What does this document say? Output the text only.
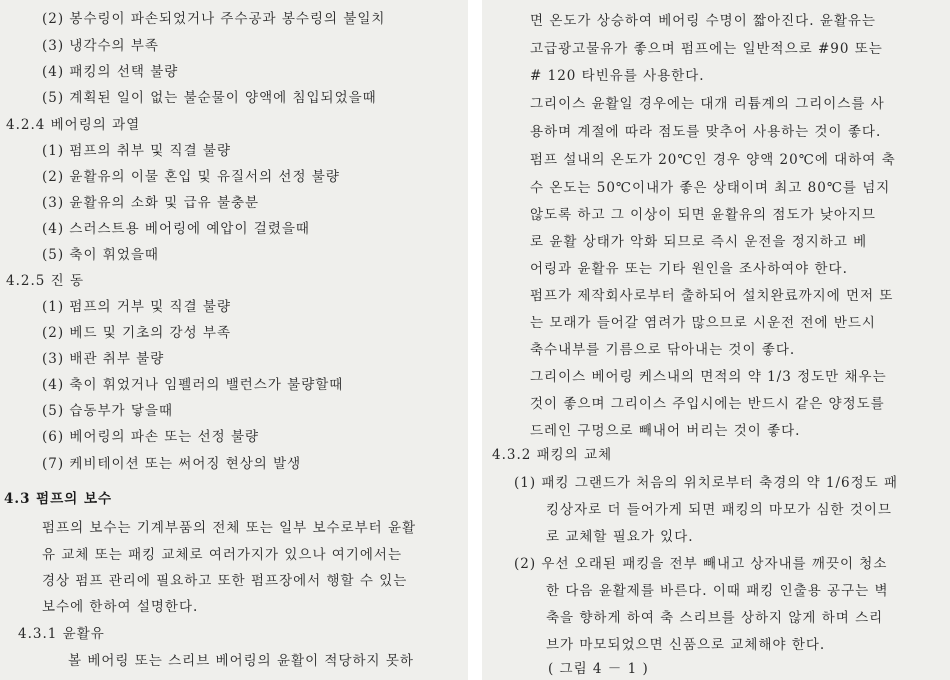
(2) 봉수링이 파손되었거나 주수공과 봉수링의 불일치
(3) 냉각수의 부족
(4) 패킹의 선택 불량
(5) 계획된 일이 없는 불순물이 양액에 침입되었을때
4.2.4 베어링의 과열
(1) 펌프의 취부 및 직결 불량
(2) 윤활유의 이물 혼입 및 유질서의 선정 불량
(3) 윤활유의 소화 및 급유 불충분
(4) 스러스트용 베어링에 예압이 걸렸을때
(5) 축이 휘었을때
4.2.5 진 동
(1) 펌프의 거부 및 직결 불량
(2) 베드 및 기초의 강성 부족
(3) 배관 취부 불량
(4) 축이 휘었거나 임펠러의 밸런스가 불량할때
(5) 습동부가 닿을때
(6) 베어링의 파손 또는 선정 불량
(7) 케비테이션 또는 써어징 현상의 발생
4.3 펌프의 보수
펌프의 보수는 기계부품의 전체 또는 일부 보수로부터 윤활
유 교체 또는 패킹 교체로 여러가지가 있으나 여기에서는
경상 펌프 관리에 필요하고 또한 펌프장에서 행할 수 있는
보수에 한하여 설명한다.
4.3.1 윤활유
볼 베어링 또는 스리브 베어링의 윤활이 적당하지 못하
면 온도가 상승하여 베어링 수명이 짧아진다. 윤활유는
고급광고물유가 좋으며 펌프에는 일반적으로 #90 또는
# 120 타빈유를 사용한다.
그리이스 윤활일 경우에는 대개 리튬계의 그리이스를 사
용하며 계절에 따라 점도를 맞추어 사용하는 것이 좋다.
펌프 설내의 온도가 20℃인 경우 양액 20℃에 대하여 축
수 온도는 50℃이내가 좋은 상태이며 최고 80℃를 넘지
않도록 하고 그 이상이 되면 윤활유의 점도가 낮아지므
로 윤활 상태가 악화 되므로 즉시 운전을 정지하고 베
어링과 윤활유 또는 기타 원인을 조사하여야 한다.
펌프가 제작회사로부터 출하되어 설치완료까지에 먼저 또
는 모래가 들어갈 염려가 많으므로 시운전 전에 반드시
축수내부를 기름으로 닦아내는 것이 좋다.
그리이스 베어링 케스내의 면적의 약 1/3 정도만 채우는
것이 좋으며 그리이스 주입시에는 반드시 같은 양정도를
드레인 구멍으로 빼내어 버리는 것이 좋다.
4.3.2 패킹의 교체
(1) 패킹 그랜드가 처음의 위치로부터 축경의 약 1/6정도 패
킹상자로 더 들어가게 되면 패킹의 마모가 심한 것이므
로 교체할 필요가 있다.
(2) 우선 오래된 패킹을 전부 빼내고 상자내를 깨끗이 청소
한 다음 윤활제를 바른다. 이때 패킹 인출용 공구는 벽
축을 향하게 하여 축 스리브를 상하지 않게 하며 스리
브가 마모되었으면 신품으로 교체해야 한다.
( 그림 4 － 1 )
